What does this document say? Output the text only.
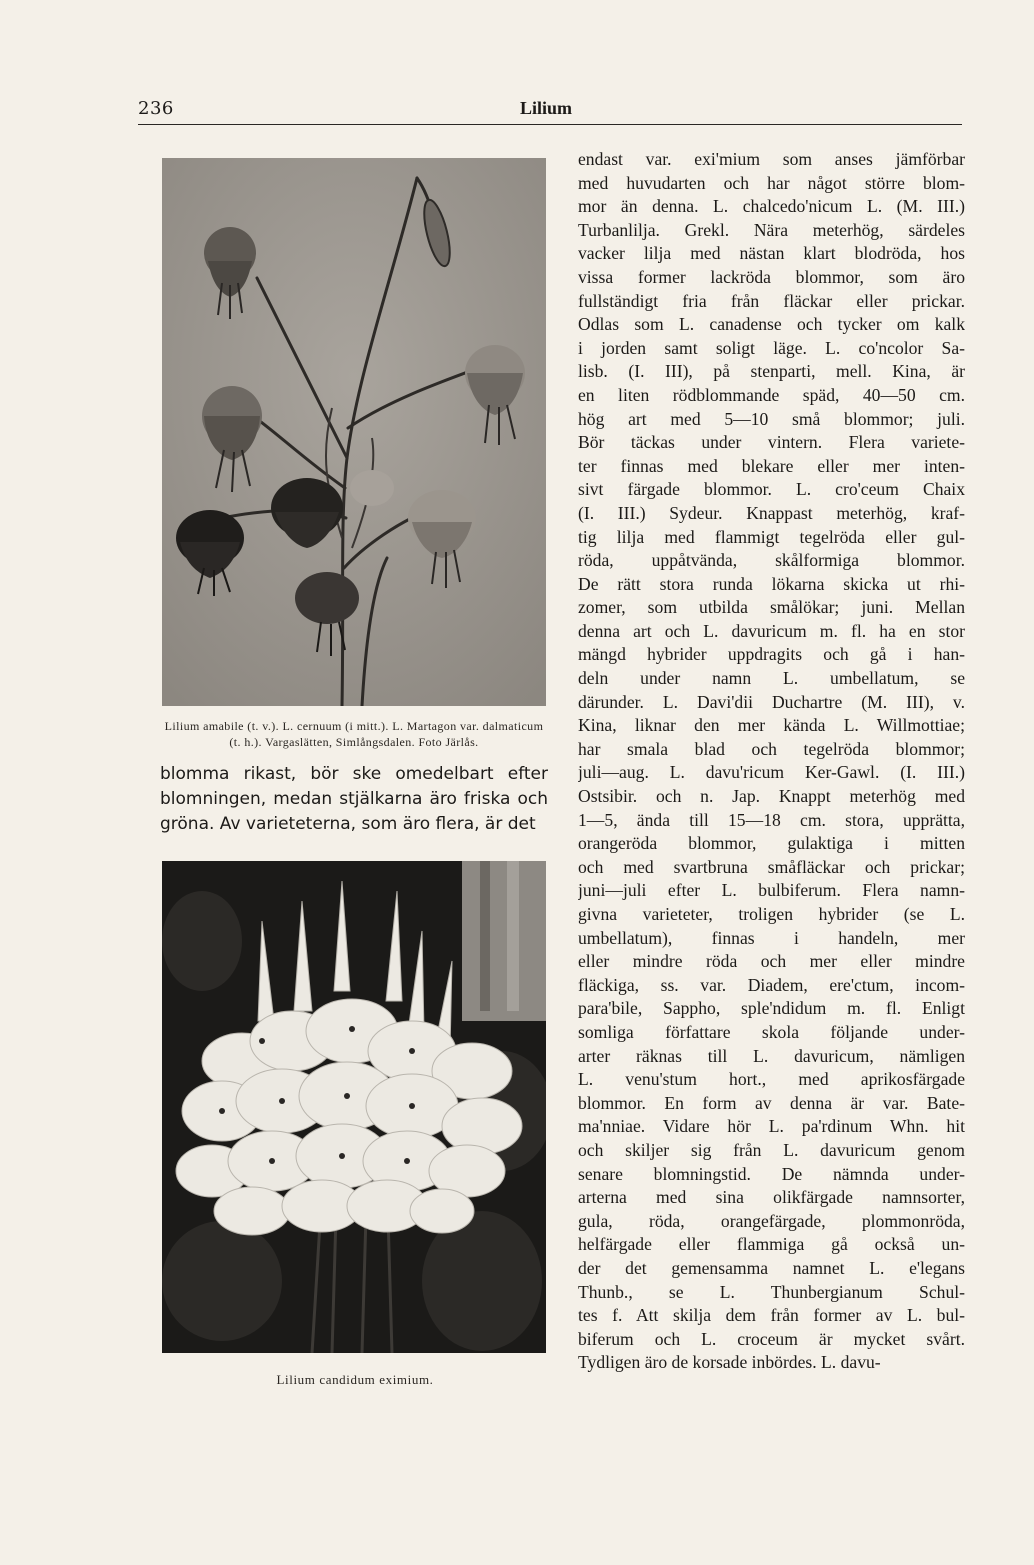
236	Lilium
Lilium amabile (t. v.). L. cernuum (i mitt.). L. Martagon var. dalmaticum (t. h.). Vargaslätten, Simlångsdalen. Foto Järlås.
blomma rikast, bör ske omedelbart efter blomningen, medan stjälkarna äro friska och gröna. Av varieteterna, som äro flera, är det
Lilium candidum eximium.
endast var. exi'mium som anses jämförbar
med huvudarten och har något större blom-
mor än denna. L. chalcedo'nicum L. (M. III.)
Turbanlilja. Grekl. Nära meterhög, särdeles
vacker lilja med nästan klart blodröda, hos
vissa former lackröda blommor, som äro
fullständigt fria från fläckar eller prickar.
Odlas som L. canadense och tycker om kalk
i jorden samt soligt läge. L. co'ncolor Sa-
lisb. (I. III), på stenparti, mell. Kina, är
en liten rödblommande späd, 40—50 cm.
hög art med 5—10 små blommor; juli.
Bör täckas under vintern. Flera variete-
ter finnas med blekare eller mer inten-
sivt färgade blommor. L. cro'ceum Chaix
(I. III.) Sydeur. Knappast meterhög, kraf-
tig lilja med flammigt tegelröda eller gul-
röda, uppåtvända, skålformiga blommor.
De rätt stora runda lökarna skicka ut rhi-
zomer, som utbilda smålökar; juni. Mellan
denna art och L. davuricum m. fl. ha en stor
mängd hybrider uppdragits och gå i han-
deln under namn L. umbellatum, se
därunder. L. Davi'dii Duchartre (M. III), v.
Kina, liknar den mer kända L. Willmottiae;
har smala blad och tegelröda blommor;
juli—aug. L. davu'ricum Ker-Gawl. (I. III.)
Ostsibir. och n. Jap. Knappt meterhög med
1—5, ända till 15—18 cm. stora, upprätta,
orangeröda blommor, gulaktiga i mitten
och med svartbruna småfläckar och prickar;
juni—juli efter L. bulbiferum. Flera namn-
givna varieteter, troligen hybrider (se L.
umbellatum), finnas i handeln, mer
eller mindre röda och mer eller mindre
fläckiga, ss. var. Diadem, ere'ctum, incom-
para'bile, Sappho, sple'ndidum m. fl. Enligt
somliga författare skola följande under-
arter räknas till L. davuricum, nämligen
L. venu'stum hort., med aprikosfärgade
blommor. En form av denna är var. Bate-
ma'nniae. Vidare hör L. pa'rdinum Whn. hit
och skiljer sig från L. davuricum genom
senare blomningstid. De nämnda under-
arterna med sina olikfärgade namnsorter,
gula, röda, orangefärgade, plommonröda,
helfärgade eller flammiga gå också un-
der det gemensamma namnet L. e'legans
Thunb., se L. Thunbergianum Schul-
tes f. Att skilja dem från former av L. bul-
biferum och L. croceum är mycket svårt.
Tydligen äro de korsade inbördes. L. davu-
